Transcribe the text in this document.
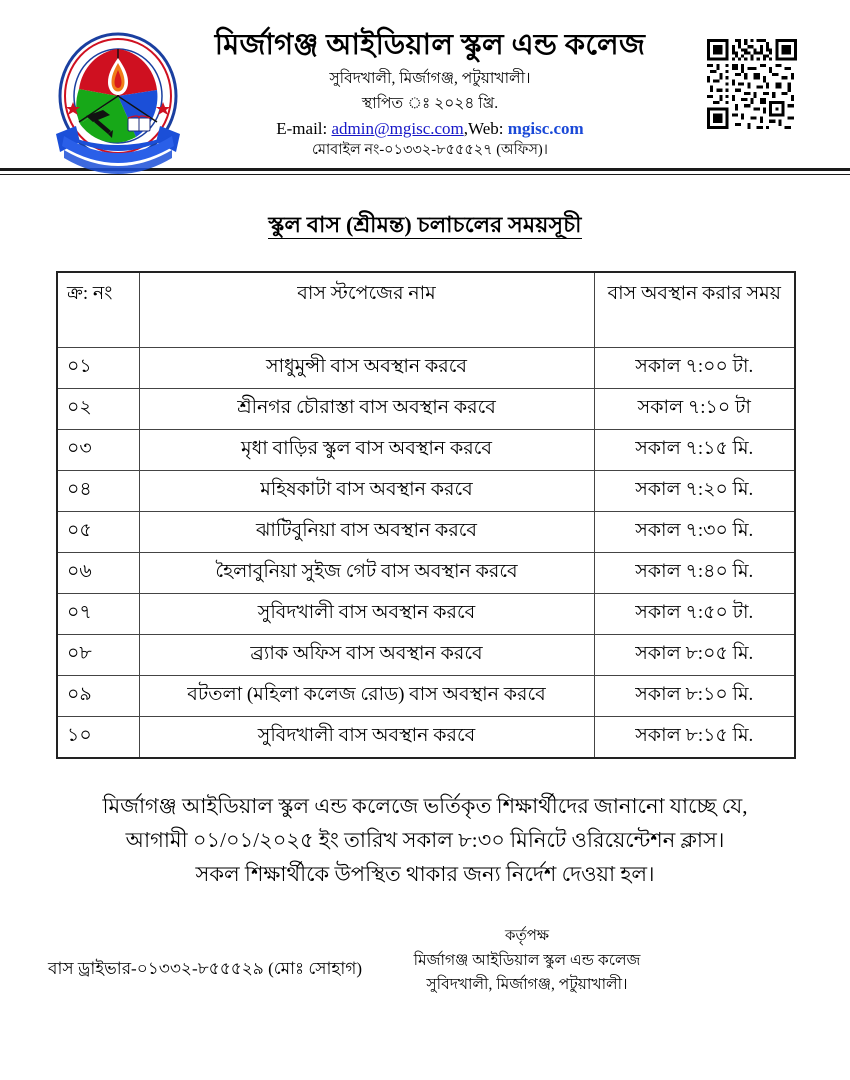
মির্জাগঞ্জ আইডিয়াল স্কুল এন্ড কলেজ
সুবিদখালী, মির্জাগঞ্জ, পটুয়াখালী।
স্থাপিত ঃ ২০২৪ খ্রি.
E-mail: admin@mgisc.com,Web: mgisc.com
মোবাইল নং-০১৩৩২-৮৫৫৫২৭ (অফিস)।
স্কুল বাস (শ্রীমন্ত) চলাচলের সময়সূচী
ক্র: নং	বাস স্টপেজের নাম	বাস অবস্থান করার সময়
০১	সাধুমুন্সী বাস অবস্থান করবে	সকাল ৭:০০ টা.
০২	শ্রীনগর চৌরাস্তা বাস অবস্থান করবে	সকাল ৭:১০ টা
০৩	মৃধা বাড়ির স্কুল বাস অবস্থান করবে	সকাল ৭:১৫ মি.
০৪	মহিষকাটা বাস অবস্থান করবে	সকাল ৭:২০ মি.
০৫	ঝাটিবুনিয়া বাস অবস্থান করবে	সকাল ৭:৩০ মি.
০৬	হৈলাবুনিয়া সুইজ গেট বাস অবস্থান করবে	সকাল ৭:৪০ মি.
০৭	সুবিদখালী বাস অবস্থান করবে	সকাল ৭:৫০ টা.
০৮	ব্র্যাক অফিস বাস অবস্থান করবে	সকাল ৮:০৫ মি.
০৯	বটতলা (মহিলা কলেজ রোড) বাস অবস্থান করবে	সকাল ৮:১০ মি.
১০	সুবিদখালী বাস অবস্থান করবে	সকাল ৮:১৫ মি.

মির্জাগঞ্জ আইডিয়াল স্কুল এন্ড কলেজে ভর্তিকৃত শিক্ষার্থীদের জানানো যাচ্ছে যে,

আগামী ০১/০১/২০২৫ ইং তারিখ সকাল ৮:৩০ মিনিটে ওরিয়েন্টেশন ক্লাস।

সকল শিক্ষার্থীকে উপস্থিত থাকার জন্য নির্দেশ দেওয়া হল।

কর্তৃপক্ষ
মির্জাগঞ্জ আইডিয়াল স্কুল এন্ড কলেজ
সুবিদখালী, মির্জাগঞ্জ, পটুয়াখালী।
বাস ড্রাইভার-০১৩৩২-৮৫৫৫২৯ (মোঃ সোহাগ)
